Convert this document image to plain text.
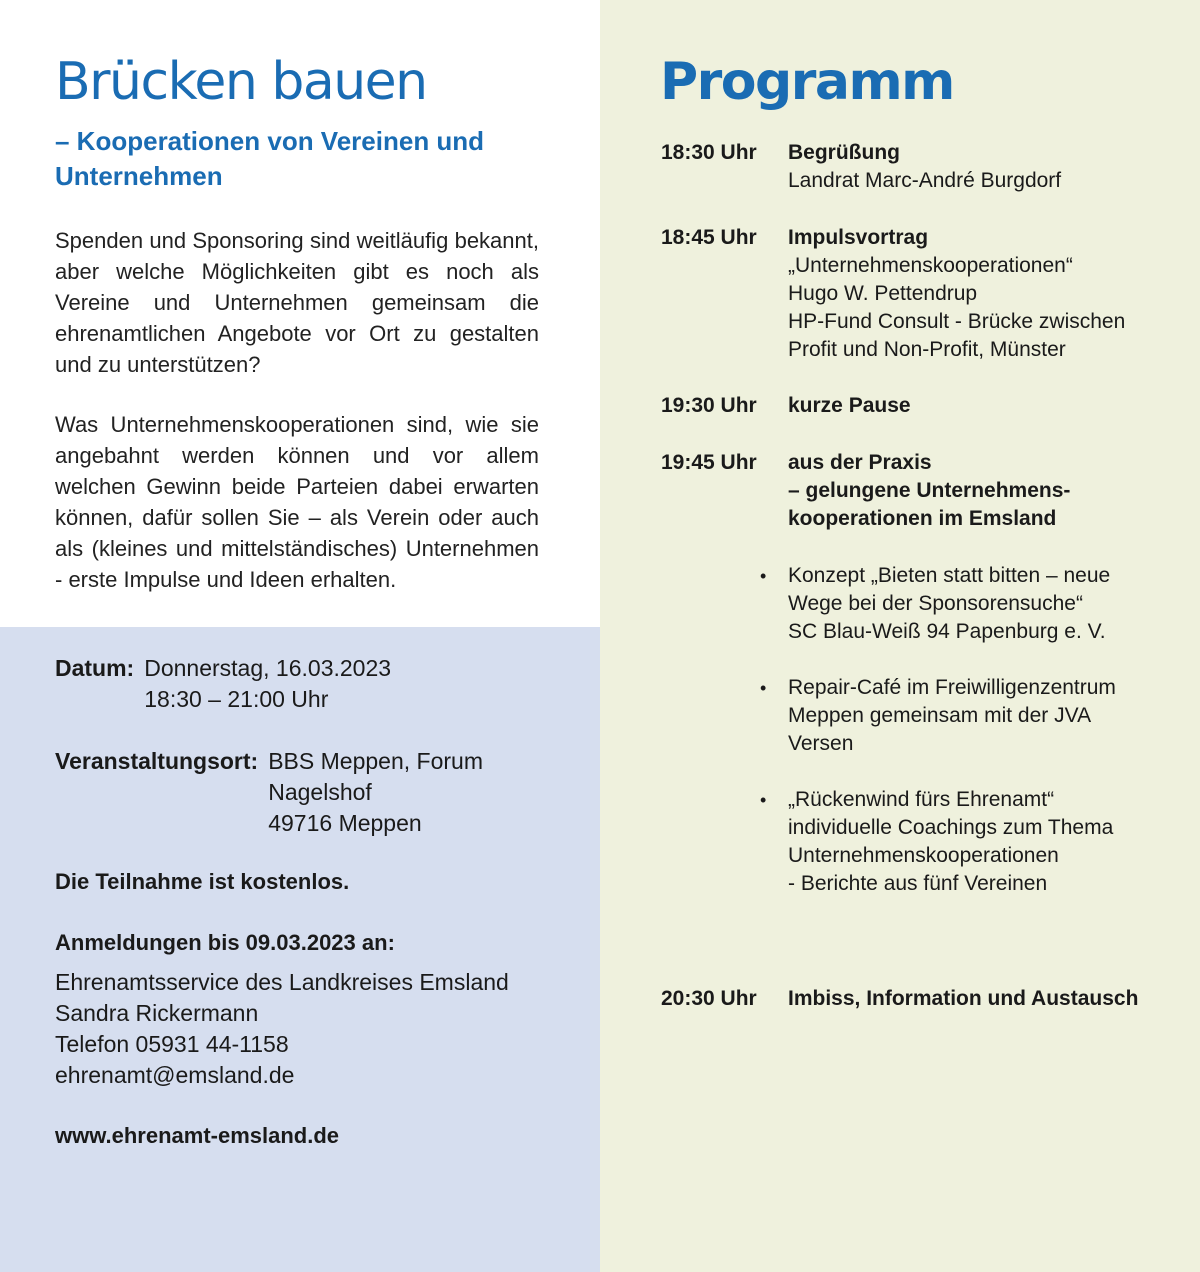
Brücken bauen
– Kooperationen von Vereinen und Unternehmen

Spenden und Sponsoring sind weitläufig bekannt, aber welche Möglichkeiten gibt es noch als Vereine und Unternehmen gemeinsam die ehrenamtlichen Angebote vor Ort zu gestalten und zu unterstützen?

Was Unternehmenskooperationen sind, wie sie angebahnt werden können und vor allem welchen Gewinn beide Parteien dabei erwarten können, dafür sollen Sie – als Verein oder auch als (kleines und mittelständisches) Unternehmen - erste Impulse und Ideen erhalten.

Datum: Donnerstag, 16.03.2023
18:30 – 21:00 Uhr
Veranstaltungsort: BBS Meppen, Forum
Nagelshof
49716 Meppen
Die Teilnahme ist kostenlos.
Anmeldungen bis 09.03.2023 an:
Ehrenamtsservice des Landkreises Emsland
Sandra Rickermann
Telefon 05931 44-1158
ehrenamt@emsland.de
www.ehrenamt-emsland.de
Programm
18:30 Uhr	Begrüßung
Landrat Marc-André Burgdorf
18:45 Uhr	Impulsvortrag
„Unternehmenskooperationen“
Hugo W. Pettendrup
HP-Fund Consult - Brücke zwischen
Profit und Non-Profit, Münster
19:30 Uhr	kurze Pause
19:45 Uhr	aus der Praxis
– gelungene Unternehmens-
kooperationen im Emsland
•	Konzept „Bieten statt bitten – neue
Wege bei der Sponsorensuche“
SC Blau-Weiß 94 Papenburg e. V.
•	Repair-Café im Freiwilligenzentrum
Meppen gemeinsam mit der JVA
Versen
•	„Rückenwind fürs Ehrenamt“
individuelle Coachings zum Thema
Unternehmenskooperationen
- Berichte aus fünf Vereinen
20:30 Uhr	Imbiss, Information und Austausch
